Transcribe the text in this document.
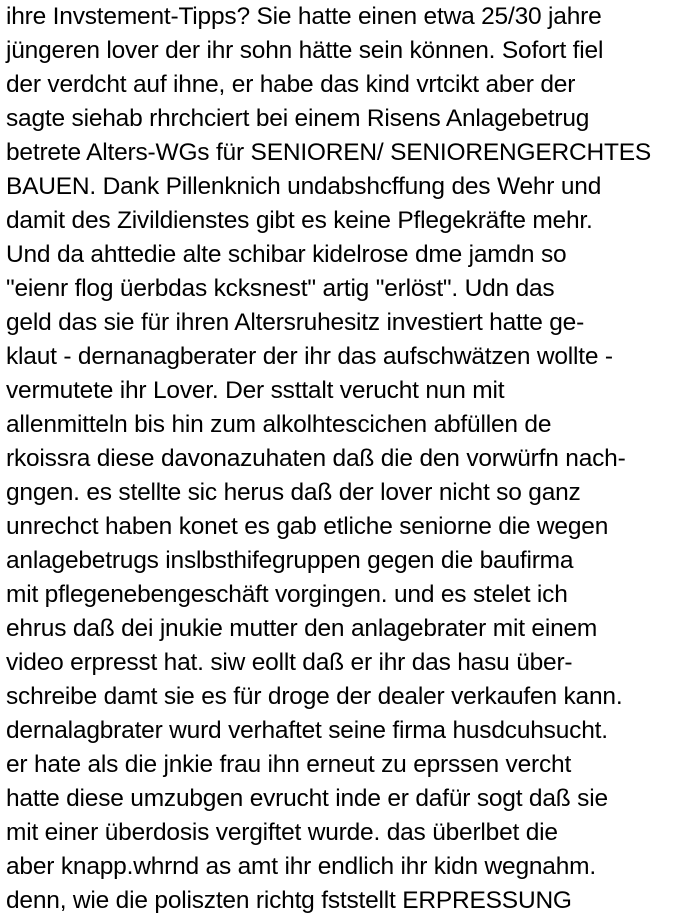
ihre Invstement-Tipps? Sie hatte einen etwa 25/30 jahre
jüngeren lover der ihr sohn hätte sein können. Sofort fiel
der verdcht auf ihne, er habe das kind vrtcikt aber der
sagte siehab rhrchciert bei einem Risens Anlagebetrug
betrete Alters-WGs für SENIOREN/ SENIORENGERCHTES
BAUEN. Dank Pillenknich undabshcffung des Wehr und
damit des Zivildienstes gibt es keine Pflegekräfte mehr.
Und da ahttedie alte schibar kidelrose dme jamdn so
"eienr flog üerbdas kcksnest" artig "erlöst". Udn das
geld das sie für ihren Altersruhesitz investiert hatte ge-
klaut - dernanagberater der ihr das aufschwätzen wollte -
vermutete ihr Lover. Der ssttalt verucht nun mit
allenmitteln bis hin zum alkolhtescichen abfüllen de
rkoissra diese davonazuhaten daß die den vorwürfn nach-
gngen. es stellte sic herus daß der lover nicht so ganz
unrechct haben konet es gab etliche seniorne die wegen
anlagebetrugs inslbsthifegruppen gegen die baufirma
mit pflegenebengeschäft vorgingen. und es stelet ich
ehrus daß dei jnukie mutter den anlagebrater mit einem
video erpresst hat. siw eollt daß er ihr das hasu über-
schreibe damt sie es für droge der dealer verkaufen kann.
dernalagbrater wurd verhaftet seine firma husdcuhsucht.
er hate als die jnkie frau ihn erneut zu eprssen vercht
hatte diese umzubgen evrucht inde er dafür sogt daß sie
mit einer überdosis vergiftet wurde. das überlbet die
aber knapp.whrnd as amt ihr endlich ihr kidn wegnahm.
denn, wie die poliszten richtg fststellt ERPRESSUNG
